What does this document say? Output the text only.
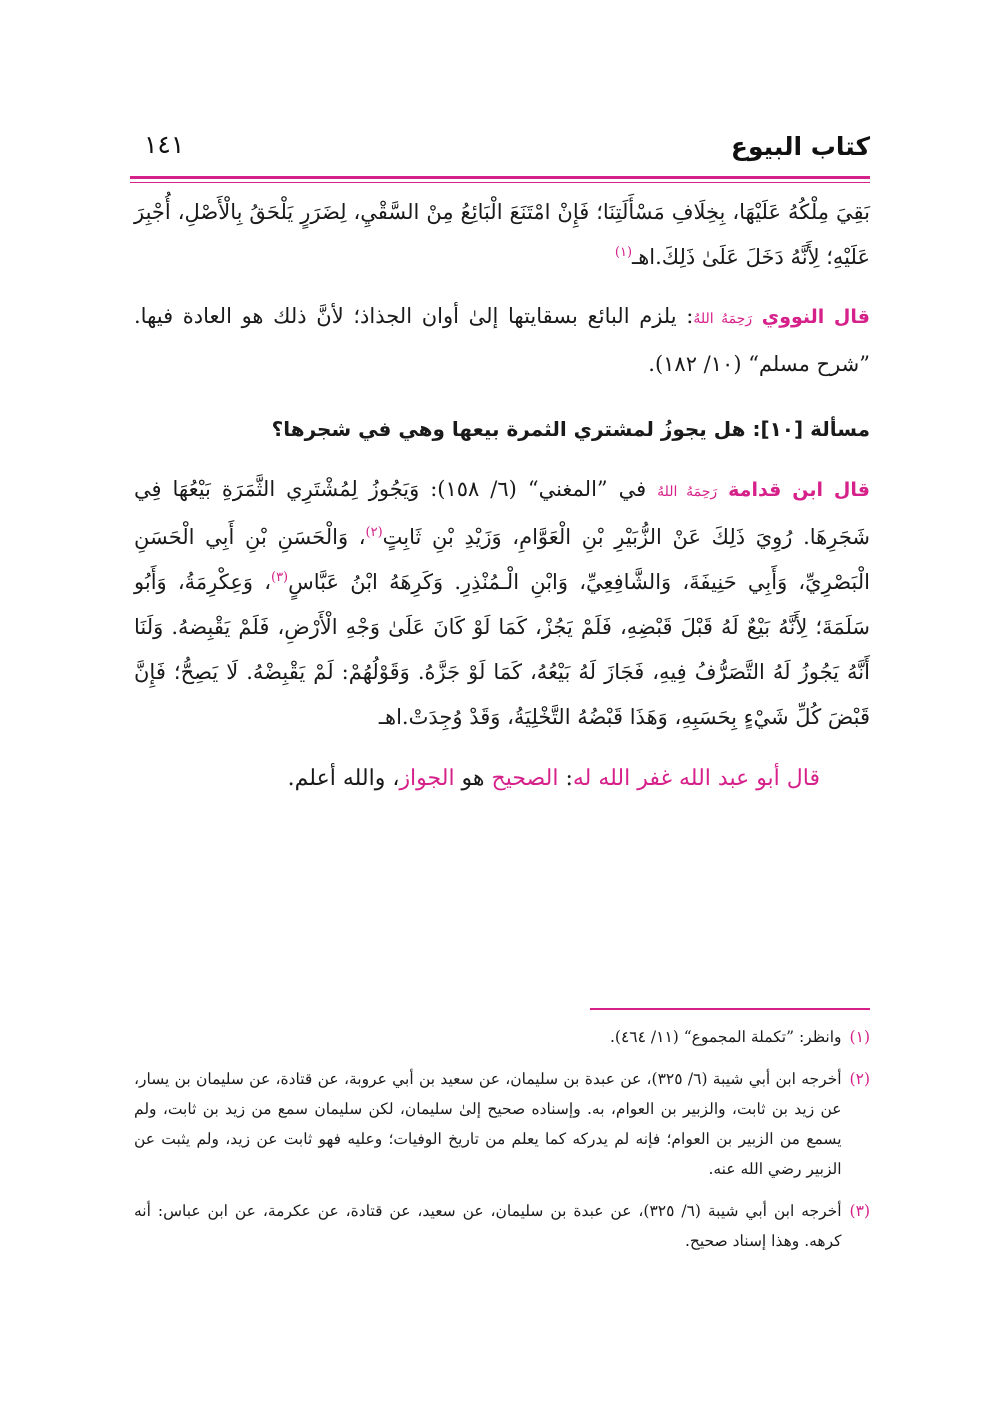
كتاب البيوع
١٤١

بَقِيَ مِلْكُهُ عَلَيْهَا، بِخِلَافِ مَسْأَلَتِنَا؛ فَإِنْ امْتَنَعَ الْبَائِعُ مِنْ السَّقْيِ، لِضَرَرٍ يَلْحَقُ بِالْأَصْلِ، أُجْبِرَ عَلَيْهِ؛ لِأَنَّهُ دَخَلَ عَلَىٰ ذَلِكَ.اهـ$^{(١)}$

قال النووي رَحِمَهُ اللهُ: يلزم البائع بسقايتها إلىٰ أوان الجذاذ؛ لأنَّ ذلك هو العادة فيها. ”شرح مسلم“ (١٠/ ١٨٢).

مسألة [١٠]: هل يجوزُ لمشتري الثمرة بيعها وهي في شجرها؟

قال ابن قدامة رَحِمَهُ اللهُ في ”المغني“ (٦/ ١٥٨): وَيَجُوزُ لِمُشْتَرِي الثَّمَرَةِ بَيْعُهَا فِي شَجَرِهَا. رُوِيَ ذَلِكَ عَنْ الزُّبَيْرِ بْنِ الْعَوَّامِ، وَزَيْدِ بْنِ ثَابِتٍ$^{(٢)}$، وَالْحَسَنِ بْنِ أَبِي الْحَسَنِ الْبَصْرِيِّ، وَأَبِي حَنِيفَةَ، وَالشَّافِعِيِّ، وَابْنِ الْـمُنْذِرِ. وَكَرِهَهُ ابْنُ عَبَّاسٍ$^{(٣)}$، وَعِكْرِمَةُ، وَأَبُو سَلَمَةَ؛ لِأَنَّهُ بَيْعٌ لَهُ قَبْلَ قَبْضِهِ، فَلَمْ يَجُزْ، كَمَا لَوْ كَانَ عَلَىٰ وَجْهِ الْأَرْضِ، فَلَمْ يَقْبِضهُ. وَلَنَا أَنَّهُ يَجُوزُ لَهُ التَّصَرُّفُ فِيهِ، فَجَازَ لَهُ بَيْعُهُ، كَمَا لَوْ جَزَّهُ. وَقَوْلُهُمْ: لَمْ يَقْبِضْهُ. لَا يَصِحُّ؛ فَإِنَّ قَبْضَ كُلِّ شَيْءٍ بِحَسَبِهِ، وَهَذَا قَبْضُهُ التَّخْلِيَةُ، وَقَدْ وُجِدَتْ.اهـ

قال أبو عبد الله غفر الله له: الصحيح هو الجواز، والله أعلم.

(١)
وانظر: ”تكملة المجموع“ (١١/ ٤٦٤).
(٢)
أخرجه ابن أبي شيبة (٦/ ٣٢٥)، عن عبدة بن سليمان، عن سعيد بن أبي عروبة، عن قتادة، عن سليمان بن يسار، عن زيد بن ثابت، والزبير بن العوام، به. وإسناده صحيح إلىٰ سليمان، لكن سليمان سمع من زيد بن ثابت، ولم يسمع من الزبير بن العوام؛ فإنه لم يدركه كما يعلم من تاريخ الوفيات؛ وعليه فهو ثابت عن زيد، ولم يثبت عن الزبير رضي الله عنه.
(٣)
أخرجه ابن أبي شيبة (٦/ ٣٢٥)، عن عبدة بن سليمان، عن سعيد، عن قتادة، عن عكرمة، عن ابن عباس: أنه كرهه. وهذا إسناد صحيح.
